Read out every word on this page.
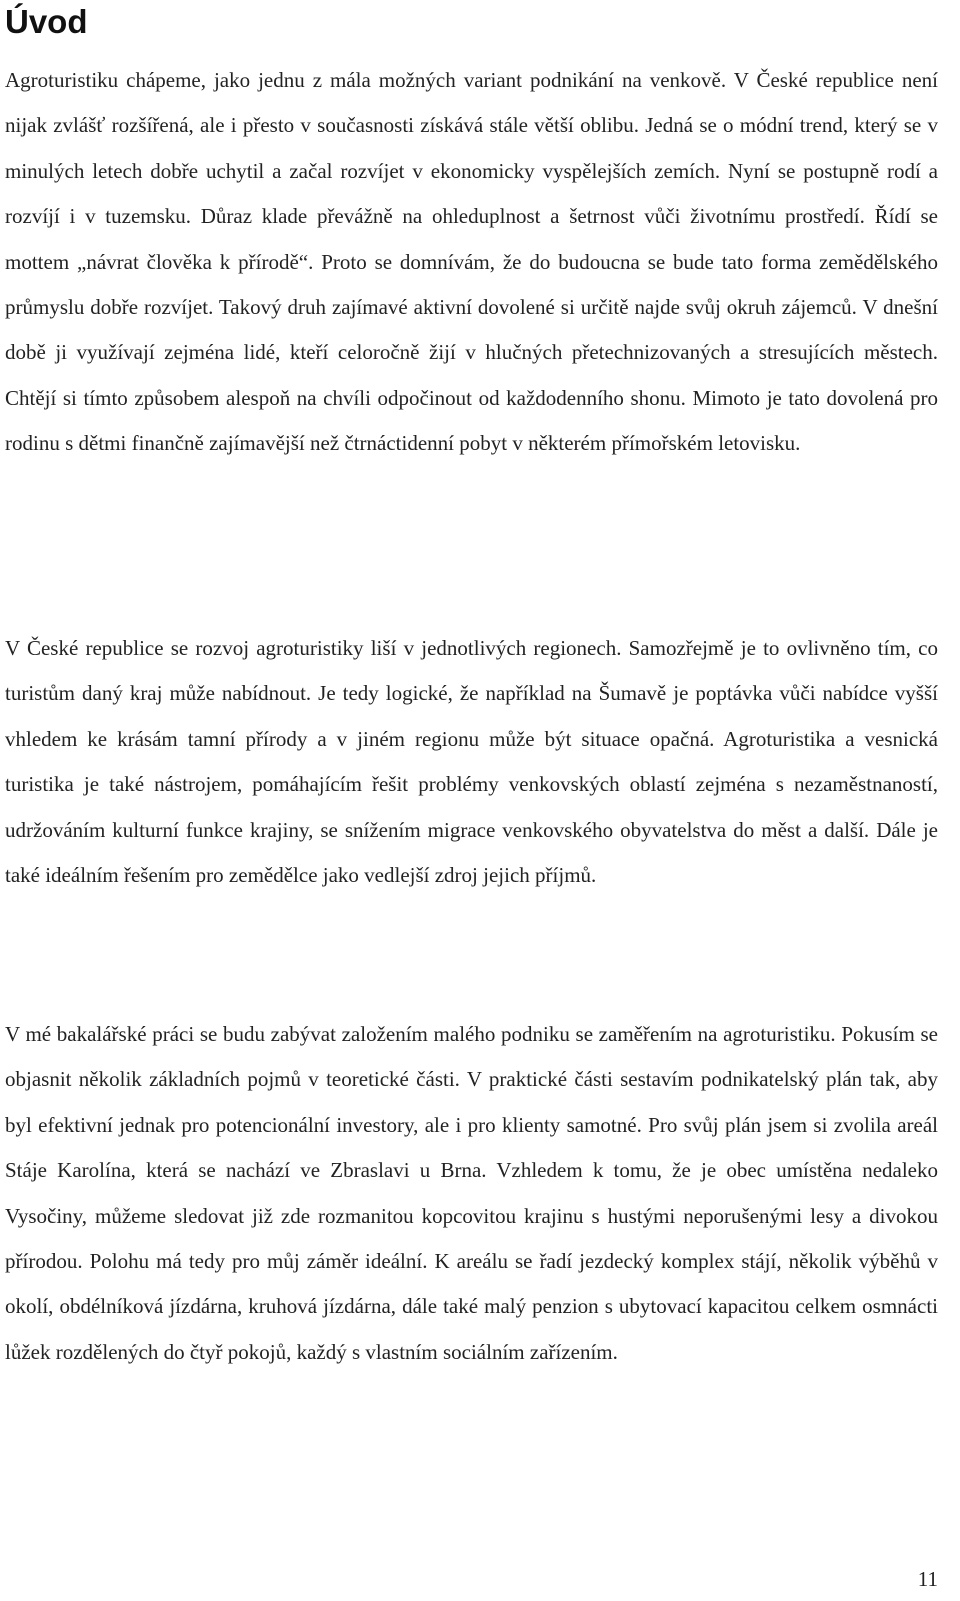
Úvod

Agroturistiku chápeme, jako jednu z mála možných variant podnikání na venkově. V České republice není nijak zvlášť rozšířená, ale i přesto v současnosti získává stále větší oblibu. Jedná se o módní trend, který se v minulých letech dobře uchytil a začal rozvíjet v ekonomicky vyspělejších zemích. Nyní se postupně rodí a rozvíjí i v tuzemsku. Důraz klade převážně na ohleduplnost a šetrnost vůči životnímu prostředí. Řídí se mottem „návrat člověka k přírodě“. Proto se domnívám, že do budoucna se bude tato forma zemědělského průmyslu dobře rozvíjet. Takový druh zajímavé aktivní dovolené si určitě najde svůj okruh zájemců. V dnešní době ji využívají zejména lidé, kteří celoročně žijí v hlučných přetechnizovaných a stresujících městech. Chtějí si tímto způsobem alespoň na chvíli odpočinout od každodenního shonu. Mimoto je tato dovolená pro rodinu s dětmi finančně zajímavější než čtrnáctidenní pobyt v některém přímořském letovisku.

V České republice se rozvoj agroturistiky liší v jednotlivých regionech. Samozřejmě je to ovlivněno tím, co turistům daný kraj může nabídnout. Je tedy logické, že například na Šumavě je poptávka vůči nabídce vyšší vhledem ke krásám tamní přírody a v jiném regionu může být situace opačná. Agroturistika a vesnická turistika je také nástrojem, pomáhajícím řešit problémy venkovských oblastí zejména s nezaměstnaností, udržováním kulturní funkce krajiny, se snížením migrace venkovského obyvatelstva do měst a další. Dále je také ideálním řešením pro zemědělce jako vedlejší zdroj jejich příjmů.

V mé bakalářské práci se budu zabývat založením malého podniku se zaměřením na agroturistiku. Pokusím se objasnit několik základních pojmů v teoretické části. V praktické části sestavím podnikatelský plán tak, aby byl efektivní jednak pro potencionální investory, ale i pro klienty samotné. Pro svůj plán jsem si zvolila areál Stáje Karolína, která se nachází ve Zbraslavi u Brna. Vzhledem k tomu, že je obec umístěna nedaleko Vysočiny, můžeme sledovat již zde rozmanitou kopcovitou krajinu s hustými neporušenými lesy a divokou přírodou. Polohu má tedy pro můj záměr ideální. K areálu se řadí jezdecký komplex stájí, několik výběhů v okolí, obdélníková jízdárna, kruhová jízdárna, dále také malý penzion s ubytovací kapacitou celkem osmnácti lůžek rozdělených do čtyř pokojů, každý s vlastním sociálním zařízením.

11
